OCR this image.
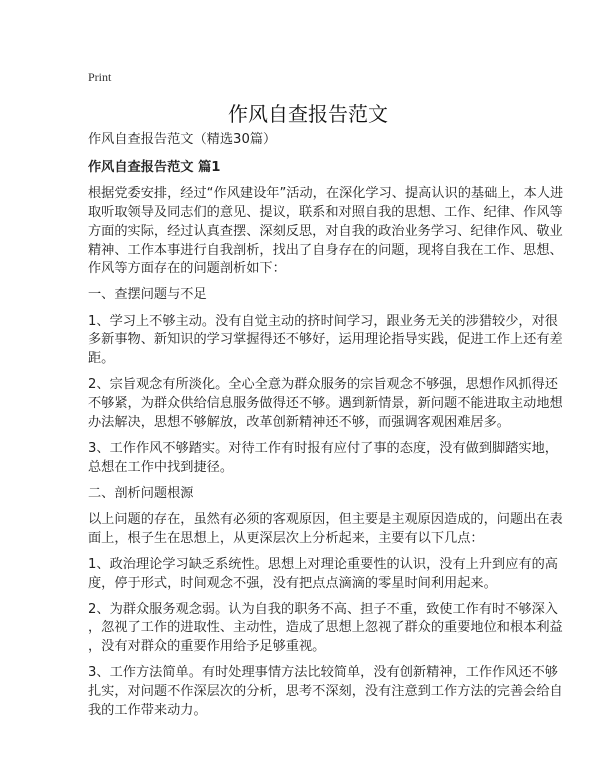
Print
作风自查报告范文
作风自查报告范文（精选30篇）
作风自查报告范文 篇1
根据党委安排，经过“作风建设年”活动，在深化学习、提高认识的基础上，本人进
取听取领导及同志们的意见、提议，联系和对照自我的思想、工作、纪律、作风等
方面的实际，经过认真查摆、深刻反思，对自我的政治业务学习、纪律作风、敬业
精神、工作本事进行自我剖析，找出了自身存在的问题，现将自我在工作、思想、
作风等方面存在的问题剖析如下：
一、查摆问题与不足
1、学习上不够主动。没有自觉主动的挤时间学习，跟业务无关的涉猎较少，对很
多新事物、新知识的学习掌握得还不够好，运用理论指导实践，促进工作上还有差
距。
2、宗旨观念有所淡化。全心全意为群众服务的宗旨观念不够强，思想作风抓得还
不够紧，为群众供给信息服务做得还不够。遇到新情景，新问题不能进取主动地想
办法解决，思想不够解放，改革创新精神还不够，而强调客观困难居多。
3、工作作风不够踏实。对待工作有时报有应付了事的态度，没有做到脚踏实地，
总想在工作中找到捷径。
二、剖析问题根源
以上问题的存在，虽然有必须的客观原因，但主要是主观原因造成的，问题出在表
面上，根子生在思想上，从更深层次上分析起来，主要有以下几点：
1、政治理论学习缺乏系统性。思想上对理论重要性的认识，没有上升到应有的高
度，停于形式，时间观念不强，没有把点点滴滴的零星时间利用起来。
2、为群众服务观念弱。认为自我的职务不高、担子不重，致使工作有时不够深入
，忽视了工作的进取性、主动性，造成了思想上忽视了群众的重要地位和根本利益
，没有对群众的重要作用给予足够重视。
3、工作方法简单。有时处理事情方法比较简单，没有创新精神，工作作风还不够
扎实，对问题不作深层次的分析，思考不深刻，没有注意到工作方法的完善会给自
我的工作带来动力。
